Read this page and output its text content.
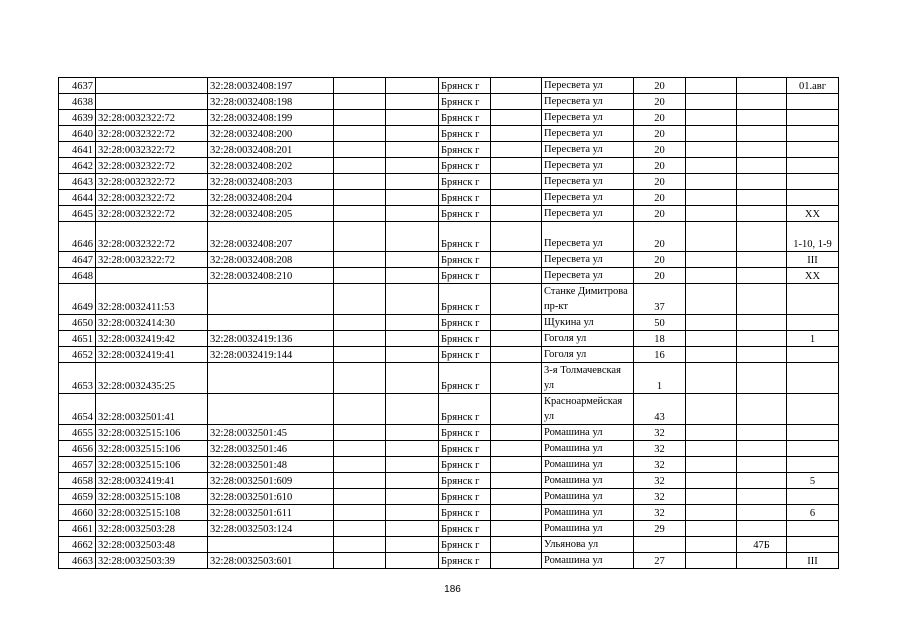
4637		32:28:0032408:197			Брянск г		Пересвета ул	20			01.авг
4638		32:28:0032408:198			Брянск г		Пересвета ул	20			
4639	32:28:0032322:72	32:28:0032408:199			Брянск г		Пересвета ул	20			
4640	32:28:0032322:72	32:28:0032408:200			Брянск г		Пересвета ул	20			
4641	32:28:0032322:72	32:28:0032408:201			Брянск г		Пересвета ул	20			
4642	32:28:0032322:72	32:28:0032408:202			Брянск г		Пересвета ул	20			
4643	32:28:0032322:72	32:28:0032408:203			Брянск г		Пересвета ул	20			
4644	32:28:0032322:72	32:28:0032408:204			Брянск г		Пересвета ул	20			
4645	32:28:0032322:72	32:28:0032408:205			Брянск г		Пересвета ул	20			XX
4646	32:28:0032322:72	32:28:0032408:207			Брянск г		Пересвета ул	20			1-10, 1-9
4647	32:28:0032322:72	32:28:0032408:208			Брянск г		Пересвета ул	20			III
4648		32:28:0032408:210			Брянск г		Пересвета ул	20			XX
4649	32:28:0032411:53				Брянск г		Станке Димитрова пр-кт	37			
4650	32:28:0032414:30				Брянск г		Щукина ул	50			
4651	32:28:0032419:42	32:28:0032419:136			Брянск г		Гоголя ул	18			1
4652	32:28:0032419:41	32:28:0032419:144			Брянск г		Гоголя ул	16			
4653	32:28:0032435:25				Брянск г		3-я Толмачевская ул	1			
4654	32:28:0032501:41				Брянск г		Красноармейская ул	43			
4655	32:28:0032515:106	32:28:0032501:45			Брянск г		Ромашина ул	32			
4656	32:28:0032515:106	32:28:0032501:46			Брянск г		Ромашина ул	32			
4657	32:28:0032515:106	32:28:0032501:48			Брянск г		Ромашина ул	32			
4658	32:28:0032419:41	32:28:0032501:609			Брянск г		Ромашина ул	32			5
4659	32:28:0032515:108	32:28:0032501:610			Брянск г		Ромашина ул	32			
4660	32:28:0032515:108	32:28:0032501:611			Брянск г		Ромашина ул	32			6
4661	32:28:0032503:28	32:28:0032503:124			Брянск г		Ромашина ул	29			
4662	32:28:0032503:48				Брянск г		Ульянова ул			47Б	
4663	32:28:0032503:39	32:28:0032503:601			Брянск г		Ромашина ул	27			III
186
